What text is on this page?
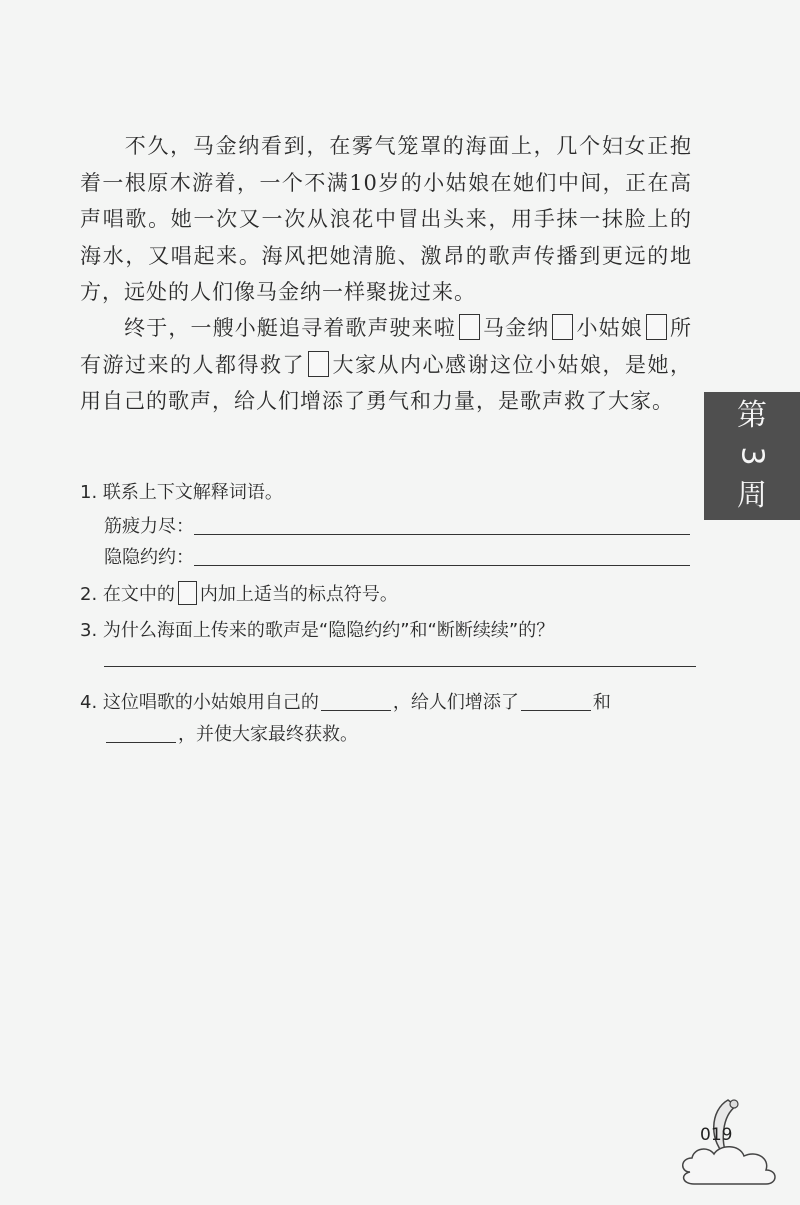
不久，马金纳看到，在雾气笼罩的海面上，几个妇女正抱着一根原木游着，一个不满10岁的小姑娘在她们中间，正在高声唱歌。她一次又一次从浪花中冒出头来，用手抹一抹脸上的海水，又唱起来。海风把她清脆、激昂的歌声传播到更远的地方，远处的人们像马金纳一样聚拢过来。
终于，一艘小艇追寻着歌声驶来啦 马金纳 小姑娘 所有游过来的人都得救了 大家从内心感谢这位小姑娘，是她，用自己的歌声，给人们增添了勇气和力量，是歌声救了大家。
1. 联系上下文解释词语。
筋疲力尽：
隐隐约约：
2. 在文中的 内加上适当的标点符号。
3. 为什么海面上传来的歌声是“隐隐约约”和“断断续续”的？
4. 这位唱歌的小姑娘用自己的	，给人们增添了	和
，并使大家最终获救。
第
3
周
019
